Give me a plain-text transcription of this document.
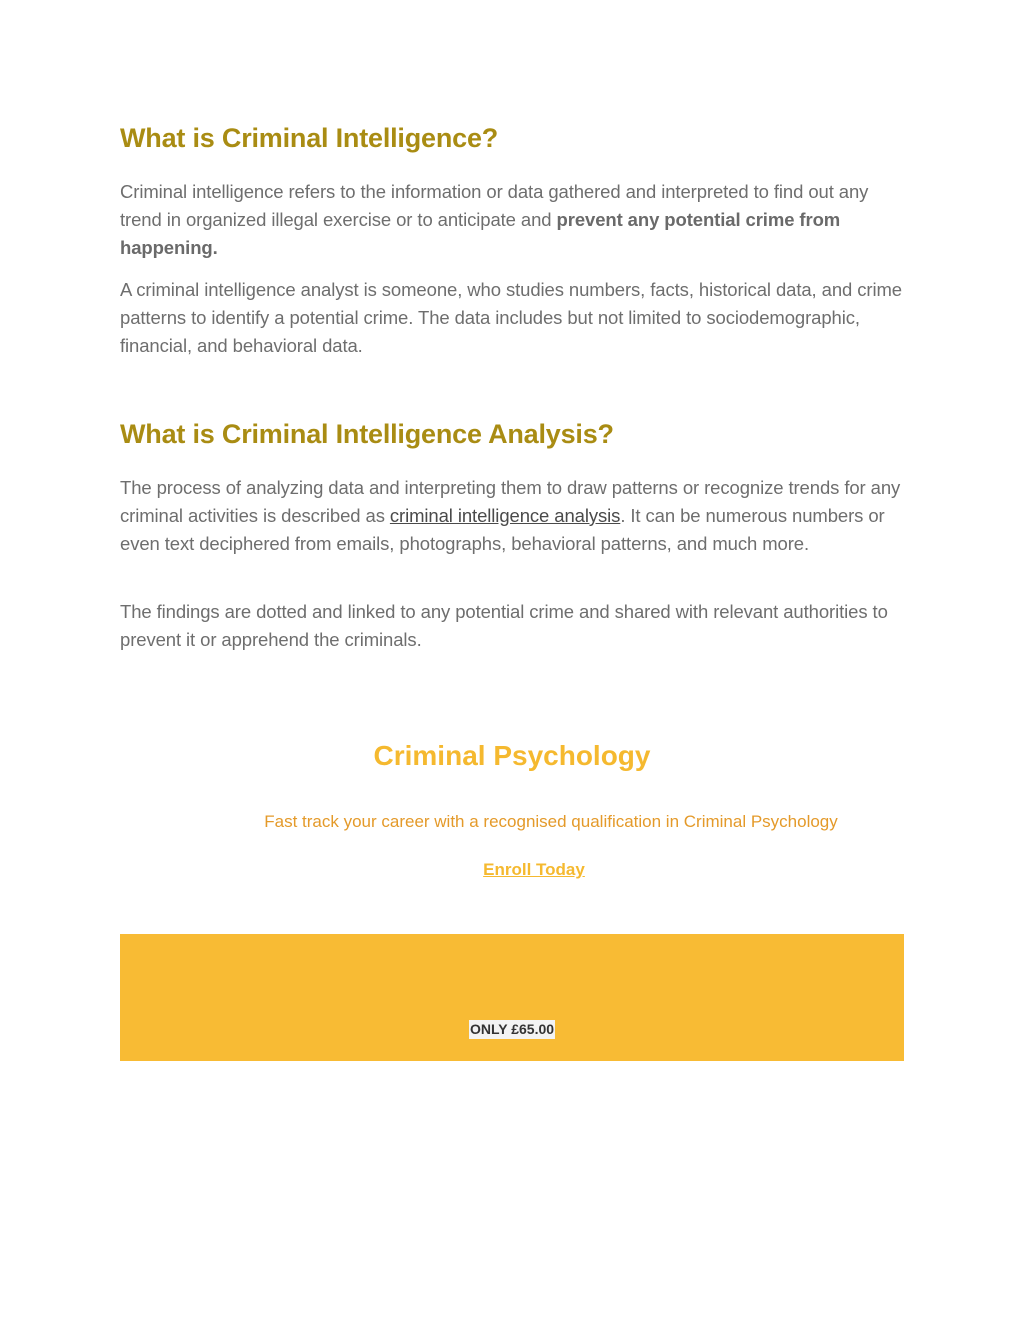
What is Criminal Intelligence?

Criminal intelligence refers to the information or data gathered and interpreted to find out any trend in organized illegal exercise or to anticipate and prevent any potential crime from happening.

A criminal intelligence analyst is someone, who studies numbers, facts, historical data, and crime patterns to identify a potential crime. The data includes but not limited to sociodemographic, financial, and behavioral data.

What is Criminal Intelligence Analysis?

The process of analyzing data and interpreting them to draw patterns or recognize trends for any criminal activities is described as criminal intelligence analysis. It can be numerous numbers or even text deciphered from emails, photographs, behavioral patterns, and much more.

The findings are dotted and linked to any potential crime and shared with relevant authorities to prevent it or apprehend the criminals.

Criminal Psychology

Fast track your career with a recognised qualification in Criminal Psychology

Enroll Today
ONLY £65.00
